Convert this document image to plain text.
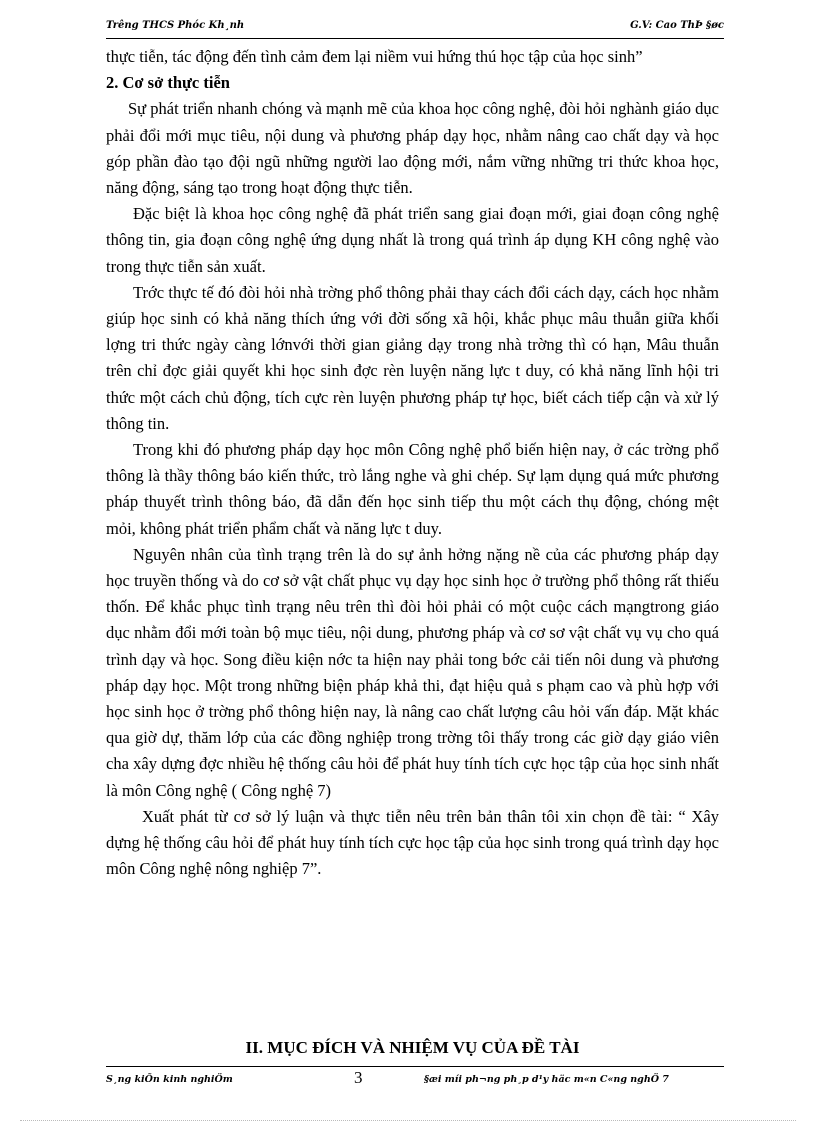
Trêng THCS Phóc Kh¸nh	G.V: Cao ThÞ §øc

thực tiễn, tác động đến tình cảm đem lại niềm vui hứng thú học tập của học sinh”

2. Cơ sở thực tiễn

Sự phát triển nhanh chóng và mạnh mẽ của khoa học công nghệ, đòi hỏi nghành giáo dục phải đổi mới mục tiêu, nội dung và phương pháp dạy học, nhằm nâng cao chất dạy và học góp phần đào tạo đội ngũ những người lao động mới, nắm vững những tri thức khoa học, năng động, sáng tạo trong hoạt động thực tiễn.

Đặc biệt là khoa học công nghệ đã phát triển sang giai đoạn mới, giai đoạn công nghệ thông tin, gia đoạn công nghệ ứng dụng nhất là trong quá trình áp dụng KH công nghệ vào trong thực tiễn sản xuất.

Trớc thực tế đó đòi hỏi nhà trờng phổ thông phải thay cách đổi cách dạy, cách học nhằm giúp học sinh có khả năng thích ứng với đời sống xã hội, khắc phục mâu thuẫn giữa khối lợng tri thức ngày càng lớnvới thời gian giảng dạy trong nhà trờng thì có hạn, Mâu thuẫn trên chỉ đợc giải quyết khi học sinh đợc rèn luyện năng lực t duy, có khả năng lĩnh hội tri thức một cách chủ động, tích cực rèn luyện phương pháp tự học, biết cách tiếp cận và xử lý thông tin.

Trong khi đó phương pháp dạy học môn Công nghệ phổ biến hiện nay, ở các trờng phổ thông là thầy thông báo kiến thức, trò lắng nghe và ghi chép. Sự lạm dụng quá mức phương pháp thuyết trình thông báo, đã dẫn đến học sinh tiếp thu một cách thụ động, chóng mệt mỏi, không phát triển phẩm chất và năng lực t duy.

Nguyên nhân của tình trạng trên là do sự ảnh hởng nặng nề của các phương pháp dạy học truyền thống và do cơ sở vật chất phục vụ dạy học sinh học ở trường phổ thông rất thiếu thốn. Để khắc phục tình trạng nêu trên thì đòi hỏi phải có một cuộc cách mạngtrong giáo dục nhằm đổi mới toàn bộ mục tiêu, nội dung, phương pháp và cơ sơ vật chất vụ vụ cho quá trình dạy và học. Song điều kiện nớc ta hiện nay phải tong bớc cải tiến nôi dung và phương pháp dạy học. Một trong những biện pháp khả thi, đạt hiệu quả s phạm cao và phù hợp với học sinh học ở trờng phổ thông hiện nay, là nâng cao chất lượng câu hỏi vấn đáp. Mặt khác qua giờ dự, thăm lớp của các đồng nghiệp trong trờng tôi thấy trong các giờ dạy giáo viên cha xây dựng đợc nhiều hệ thống câu hỏi để phát huy tính tích cực học tập của học sinh nhất là môn Công nghệ ( Công nghệ 7)

Xuất phát từ cơ sở lý luận và thực tiễn nêu trên bản thân tôi xin chọn đề tài: “ Xây dựng hệ thống câu hỏi để phát huy tính tích cực học tập của học sinh trong quá trình dạy học môn Công nghệ nông nghiệp 7”.

II. MỤC ĐÍCH VÀ NHIỆM VỤ CỦA ĐỀ TÀI
S¸ng kiÕn kinh nghiÖm	3	§æi míi ph¬ng ph¸p d¹y häc m«n C«ng nghÖ 7
